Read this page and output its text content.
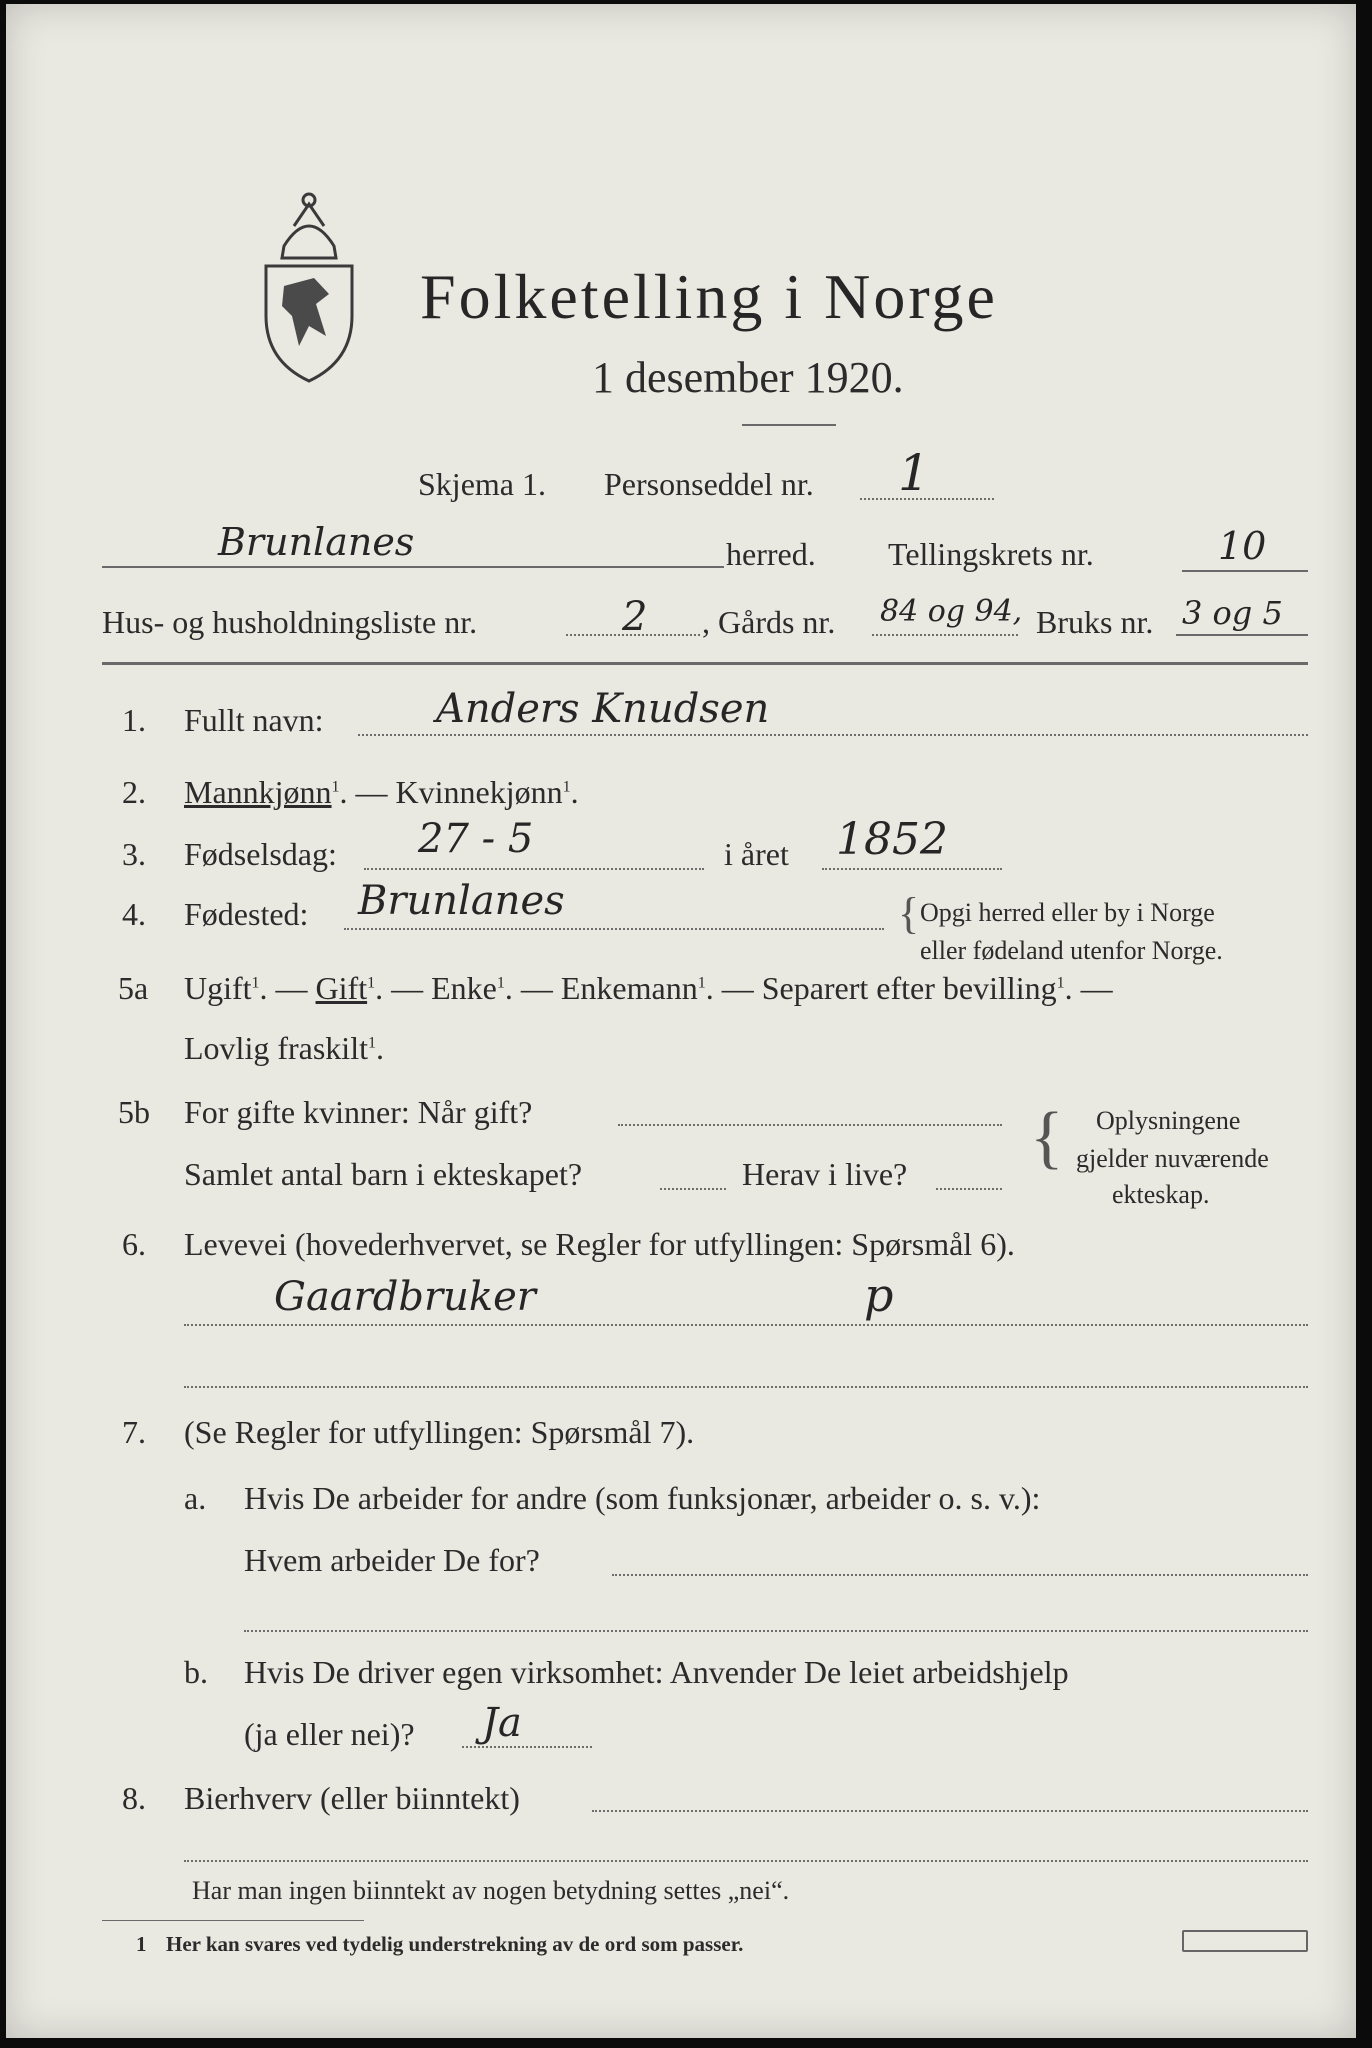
Folketelling i Norge
1 desember 1920.
Skjema 1. Personseddel nr. 1
Brunlanes	herred. Tellingskrets nr.	10
Hus- og husholdningsliste nr.	2 , Gårds nr. 84 og 94, Bruks nr. 3 og 5
1. Fullt navn:	Anders Knudsen
2. Mannkjønn$^1$. — Kvinnekjønn$^1$.
3. Fødselsdag: 27 - 5	i året 1852
4. Fødested: Brunlanes	{ Opgi herred eller by i Norge
eller fødeland utenfor Norge.
5a Ugift$^1$. — Gift$^1$. — Enke$^1$. — Enkemann$^1$. — Separert efter bevilling$^1$. —
Lovlig fraskilt$^1$.
5b For gifte kvinner: Når gift?
Samlet antal barn i ekteskapet?	Herav i live? { Oplysningene
gjelder nuværende
ekteskap.
6. Levevei (hovederhvervet, se Regler for utfyllingen: Spørsmål 6).
Gaardbruker	p
7. (Se Regler for utfyllingen: Spørsmål 7).
a. Hvis De arbeider for andre (som funksjonær, arbeider o. s. v.):
Hvem arbeider De for?
b. Hvis De driver egen virksomhet: Anvender De leiet arbeidshjelp
(ja eller nei)? Ja
8. Bierhverv (eller biinntekt)
Har man ingen biinntekt av nogen betydning settes „nei“.
1 Her kan svares ved tydelig understrekning av de ord som passer.
